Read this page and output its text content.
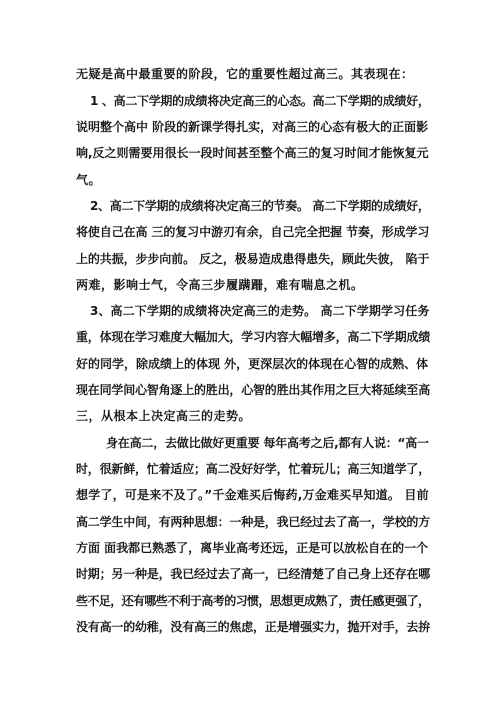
无疑是高中最重要的阶段，它的重要性超过高三。其表现在：
1 、高二下学期的成绩将决定高三的心态。高二下学期的成绩好，
说明整个高中 阶段的新课学得扎实，对高三的心态有极大的正面影
响,反之则需要用很长一段时间甚至整个高三的复习时间才能恢复元
气。
2、高二下学期的成绩将决定高三的节奏。 高二下学期的成绩好，
将使自己在高 三的复习中游刃有余，自己完全把握 节奏，形成学习
上的共振，步步向前。 反之，极易造成患得患失，顾此失彼， 陷于
两难，影响士气，令高三步履蹒跚，难有喘息之机。
3、高二下学期的成绩将决定高三的走势。 高二下学期学习任务
重，体现在学习难度大幅加大，学习内容大幅增多，高二下学期成绩
好的同学，除成绩上的体现 外，更深层次的体现在心智的成熟、体
现在同学间心智角逐上的胜出，心智的胜出其作用之巨大将延续至高
三，从根本上决定高三的走势。
身在高二，去做比做好更重要 每年高考之后,都有人说：“高一
时，很新鲜，忙着适应；高二没好好学，忙着玩儿；高三知道学了，
想学了，可是来不及了。”千金难买后悔药,万金难买早知道。 目前
高二学生中间，有两种思想：一种是，我已经过去了高一，学校的方
方面 面我都已熟悉了，离毕业高考还远，正是可以放松自在的一个
时期；另一种是，我已经过去了高一，已经清楚了自己身上还存在哪
些不足，还有哪些不利于高考的习惯，思想更成熟了，责任感更强了，
没有高一的幼稚，没有高三的焦虑，正是增强实力，抛开对手，去拚
